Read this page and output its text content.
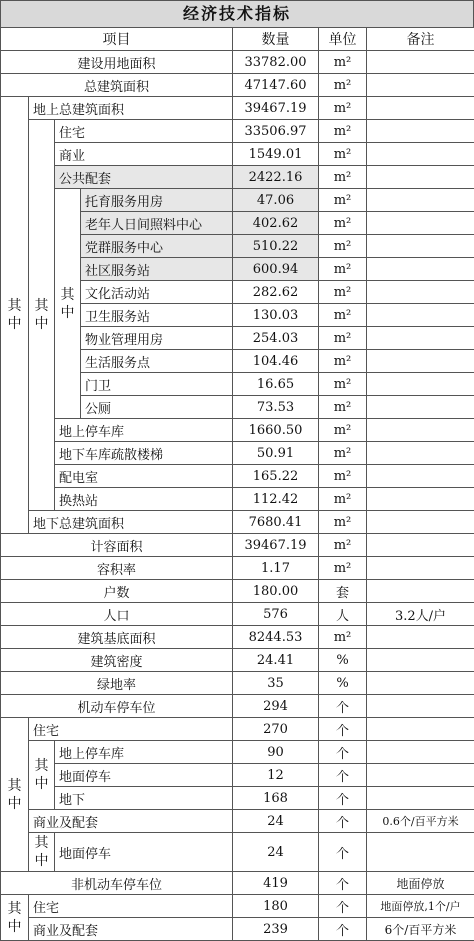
经济技术指标
项目				数量	单位	备注
建设用地面积				33782.00	m²	
总建筑面积				47147.60	m²	
其中	地上总建筑面积			39467.19	m²	
	其中	住宅		33506.97	m²	
		商业		1549.01	m²	
		公共配套		2422.16	m²	
		其中	托育服务用房	47.06	m²	
			老年人日间照料中心	402.62	m²	
			党群服务中心	510.22	m²	
			社区服务站	600.94	m²	
			文化活动站	282.62	m²	
			卫生服务站	130.03	m²	
			物业管理用房	254.03	m²	
			生活服务点	104.46	m²	
			门卫	16.65	m²	
			公厕	73.53	m²	
		地上停车库		1660.50	m²	
		地下车库疏散楼梯		50.91	m²	
		配电室		165.22	m²	
		换热站		112.42	m²	
	地下总建筑面积			7680.41	m²	
计容面积				39467.19	m²	
容积率				1.17	m²	
户数				180.00	套	
人口				576	人	3.2人/户
建筑基底面积				8244.53	m²	
建筑密度				24.41	%	
绿地率				35	%	
机动车停车位				294	个	
其中	住宅			270	个	
	其中	地上停车库		90	个	
		地面停车		12	个	
		地下		168	个	
	商业及配套			24	个	0.6个/百平方米
	其中	地面停车		24	个	
非机动车停车位				419	个	地面停放
其中	住宅			180	个	地面停放,1个/户
	商业及配套			239	个	6个/百平方米
